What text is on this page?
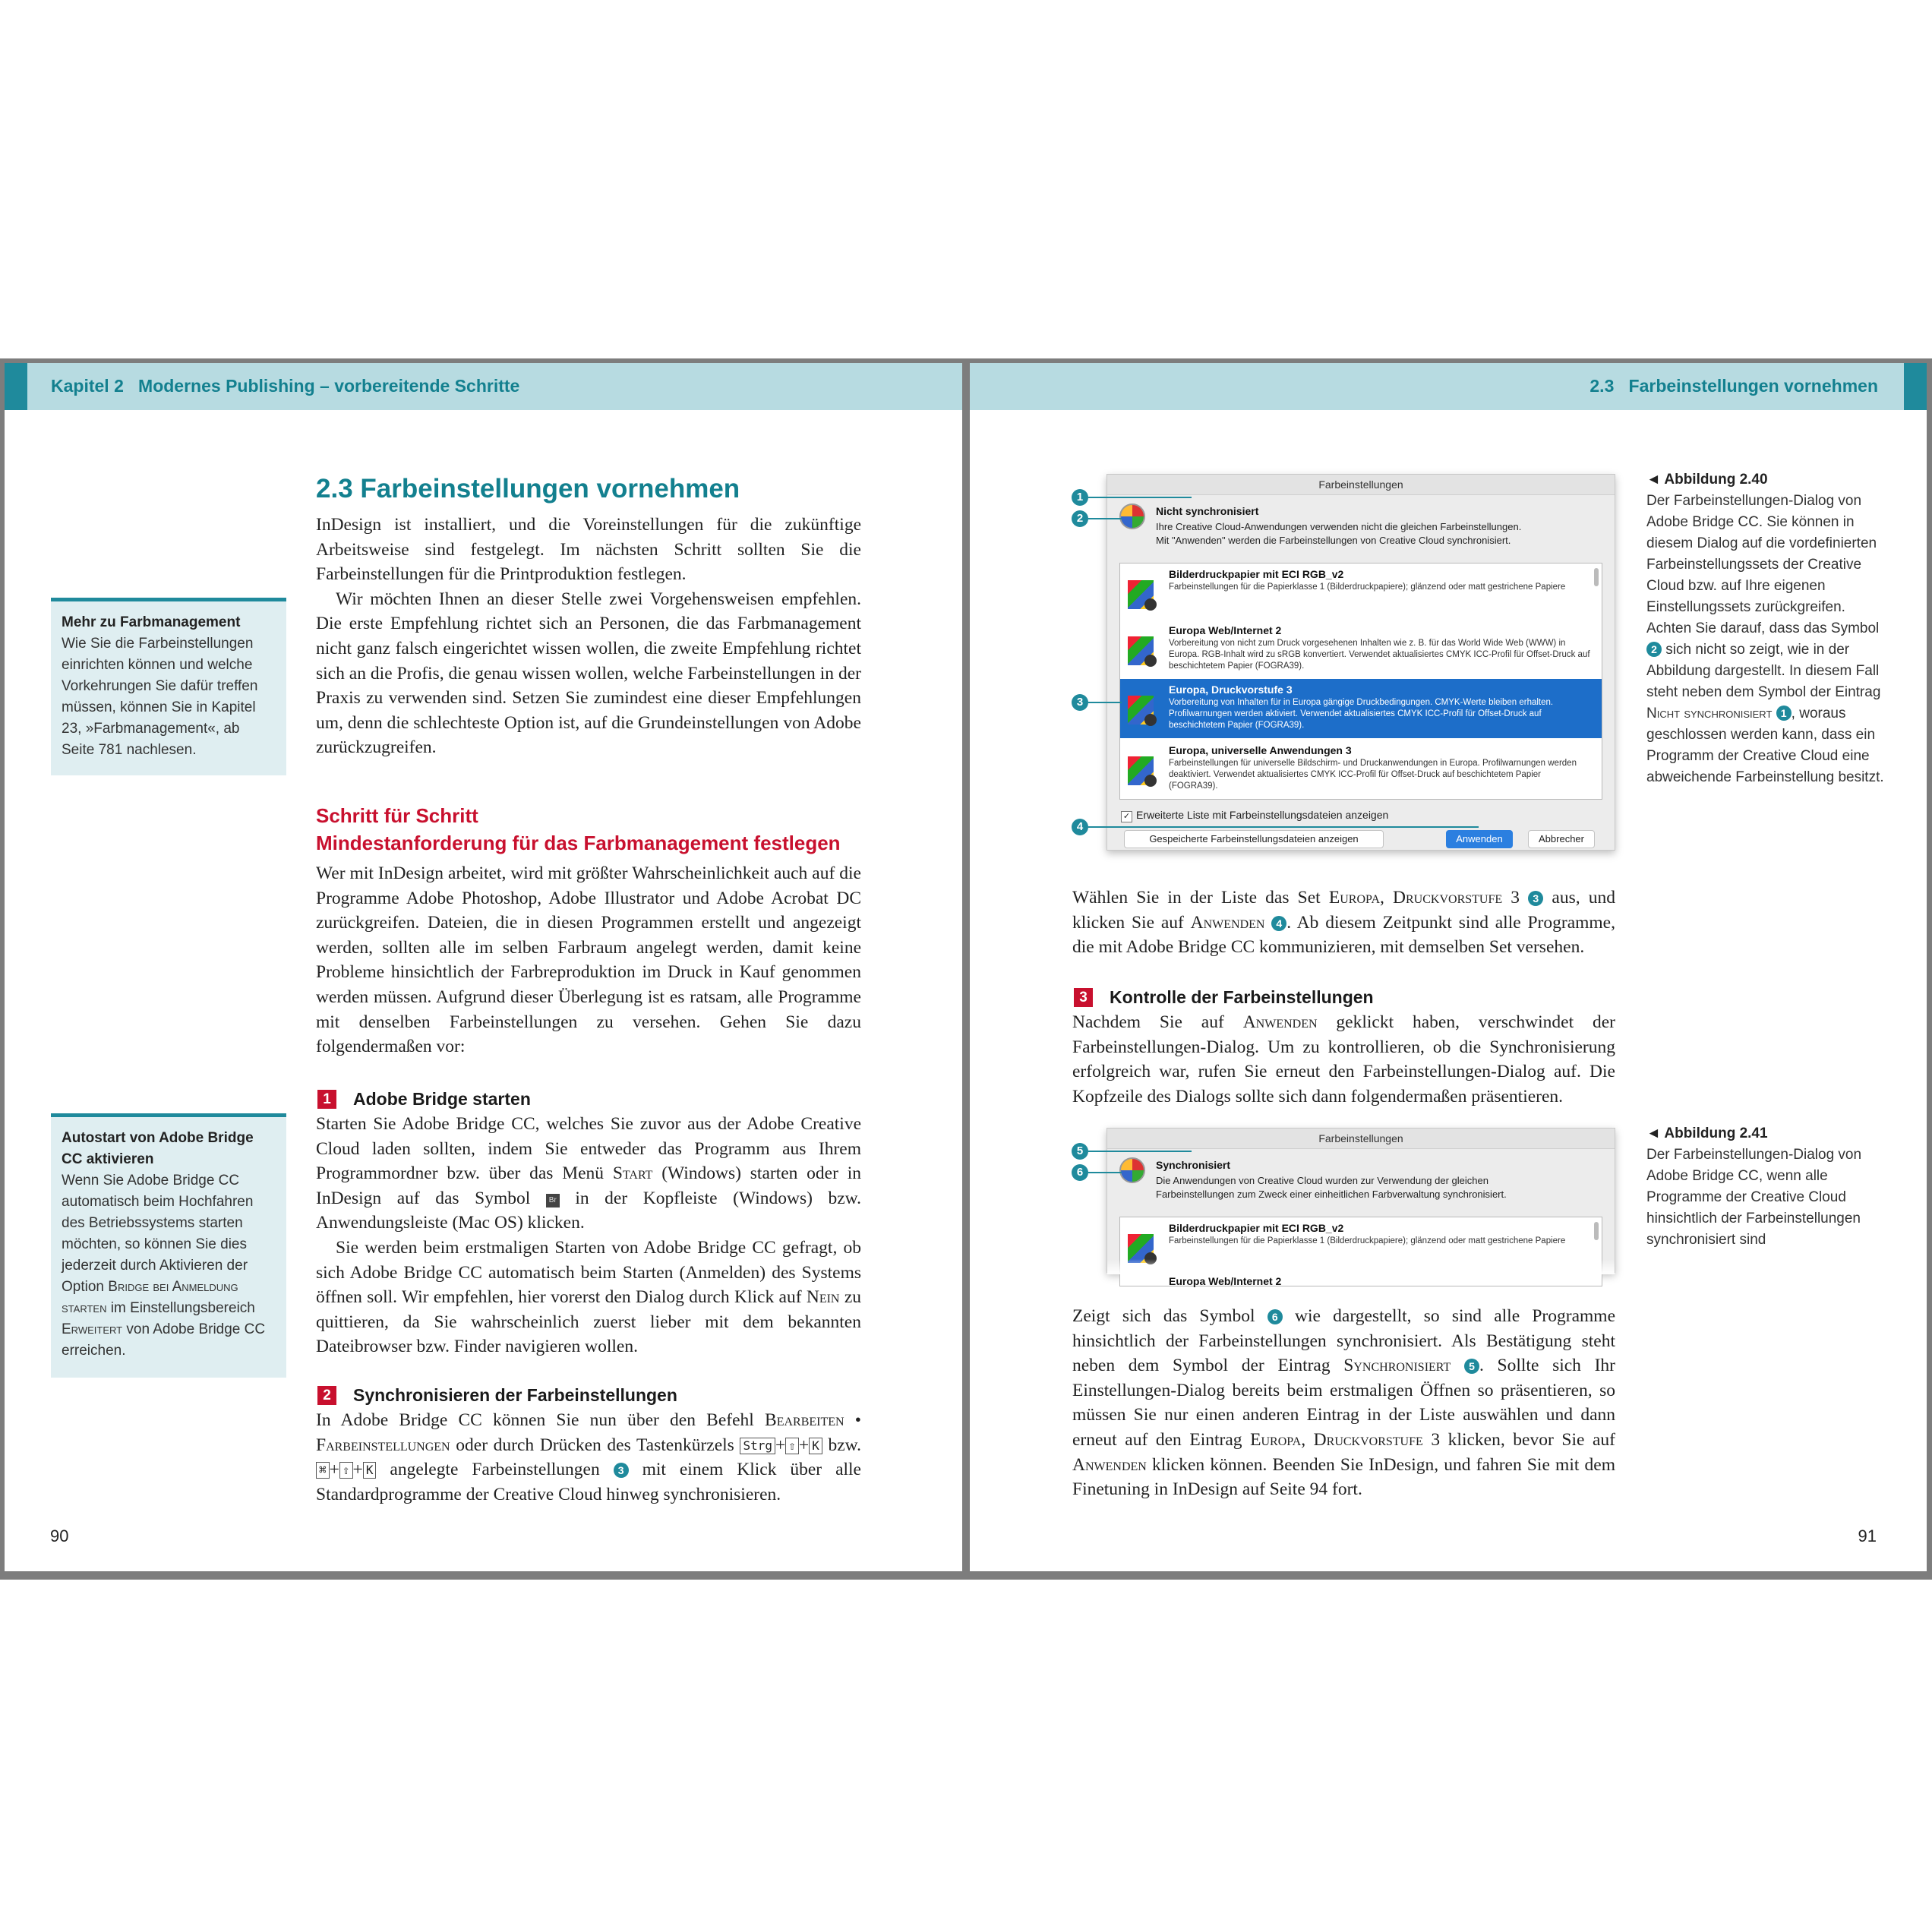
Kapitel 2 Modernes Publishing – vorbereitende Schritte
2.3 Farbeinstellungen vornehmen

InDesign ist installiert, und die Voreinstellungen für die zukünftige Arbeitsweise sind festgelegt. Im nächsten Schritt sollten Sie die Farbeinstellungen für die Printproduktion festlegen.

Wir möchten Ihnen an dieser Stelle zwei Vorgehensweisen empfehlen. Die erste Empfehlung richtet sich an Personen, die das Farbmanagement nicht ganz falsch eingerichtet wissen wollen, die zweite Empfehlung richtet sich an die Profis, die genau wissen wollen, welche Farbeinstellungen in der Praxis zu verwenden sind. Setzen Sie zumindest eine dieser Empfehlungen um, denn die schlechteste Option ist, auf die Grundeinstellungen von Adobe zurückzugreifen.

Schritt für Schritt
Mindestanforderung für das Farbmanagement festlegen

Wer mit InDesign arbeitet, wird mit größter Wahrscheinlichkeit auch auf die Programme Adobe Photoshop, Adobe Illustrator und Adobe Acrobat DC zurückgreifen. Dateien, die in diesen Programmen erstellt und angezeigt werden, sollten alle im selben Farbraum angelegt werden, damit keine Probleme hinsichtlich der Farbreproduktion im Druck in Kauf genommen werden müssen. Aufgrund dieser Überlegung ist es ratsam, alle Programme mit denselben Farbeinstellungen zu versehen. Gehen Sie dazu folgendermaßen vor:

1 Adobe Bridge starten

Starten Sie Adobe Bridge CC, welches Sie zuvor aus der Adobe Creative Cloud laden sollten, indem Sie entweder das Programm aus Ihrem Programmordner bzw. über das Menü Start (Windows) starten oder in InDesign auf das Symbol Br in der Kopfleiste (Windows) bzw. Anwendungsleiste (Mac OS) klicken.

Sie werden beim erstmaligen Starten von Adobe Bridge CC gefragt, ob sich Adobe Bridge CC automatisch beim Starten (Anmelden) des Systems öffnen soll. Wir empfehlen, hier vorerst den Dialog durch Klick auf Nein zu quittieren, da Sie wahrscheinlich zuerst lieber mit dem bekannten Dateibrowser bzw. Finder navigieren wollen.

2 Synchronisieren der Farbeinstellungen

In Adobe Bridge CC können Sie nun über den Befehl Bearbeiten • Farbeinstellungen oder durch Drücken des Tastenkürzels Strg + ⇧ + K bzw. ⌘ + ⇧ + K angelegte Farbeinstellungen 3 mit einem Klick über alle Standardprogramme der Creative Cloud hinweg synchronisieren.

Mehr zu Farbmanagement
Wie Sie die Farbeinstellungen einrichten können und welche Vorkehrungen Sie dafür treffen müssen, können Sie in Kapitel 23, »Farbmanagement«, ab Seite 781 nachlesen.
Autostart von Adobe Bridge CC aktivieren
Wenn Sie Adobe Bridge CC automatisch beim Hochfahren des Betriebssystems starten möchten, so können Sie dies jederzeit durch Aktivieren der Option Bridge bei Anmeldung starten im Einstellungsbereich Erweitert von Adobe Bridge CC erreichen.
90
2.3 Farbeinstellungen vornehmen
Farbeinstellungen
Nicht synchronisiert
Ihre Creative Cloud-Anwendungen verwenden nicht die gleichen Farbeinstellungen.
Mit "Anwenden" werden die Farbeinstellungen von Creative Cloud synchronisiert.
Bilderdruckpapier mit ECI RGB_v2
Farbeinstellungen für die Papierklasse 1 (Bilderdruckpapiere); glänzend oder matt gestrichene Papiere
Europa Web/Internet 2
Vorbereitung von nicht zum Druck vorgesehenen Inhalten wie z. B. für das World Wide Web (WWW) in Europa. RGB-Inhalt wird zu sRGB konvertiert. Verwendet aktualisiertes CMYK ICC-Profil für Offset-Druck auf beschichtetem Papier (FOGRA39).
Europa, Druckvorstufe 3
Vorbereitung von Inhalten für in Europa gängige Druckbedingungen. CMYK-Werte bleiben erhalten. Profilwarnungen werden aktiviert. Verwendet aktualisiertes CMYK ICC-Profil für Offset-Druck auf beschichtetem Papier (FOGRA39).
Europa, universelle Anwendungen 3
Farbeinstellungen für universelle Bildschirm- und Druckanwendungen in Europa. Profilwarnungen werden deaktiviert. Verwendet aktualisiertes CMYK ICC-Profil für Offset-Druck auf beschichtetem Papier (FOGRA39).
✓ Erweiterte Liste mit Farbeinstellungsdateien anzeigen
Gespeicherte Farbeinstellungsdateien anzeigen	Anwenden	Abbrecher
1
2
3
4
◄ Abbildung 2.40
Der Farbeinstellungen-Dialog von Adobe Bridge CC. Sie können in diesem Dialog auf die vordefinierten Farbeinstellungssets der Creative Cloud bzw. auf Ihre eigenen Einstellungssets zurückgreifen. Achten Sie darauf, dass das Symbol 2 sich nicht so zeigt, wie in der Abbildung dargestellt. In diesem Fall steht neben dem Symbol der Eintrag Nicht synchronisiert 1 , woraus geschlossen werden kann, dass ein Programm der Creative Cloud eine abweichende Farbeinstellung besitzt.

Wählen Sie in der Liste das Set Europa, Druckvorstufe 3 3 aus, und klicken Sie auf Anwenden 4 . Ab diesem Zeitpunkt sind alle Programme, die mit Adobe Bridge CC kommunizieren, mit demselben Set versehen.

3 Kontrolle der Farbeinstellungen

Nachdem Sie auf Anwenden geklickt haben, verschwindet der Farbeinstellungen-Dialog. Um zu kontrollieren, ob die Synchronisierung erfolgreich war, rufen Sie erneut den Farbeinstellungen-Dialog auf. Die Kopfzeile des Dialogs sollte sich dann folgendermaßen präsentieren.

Farbeinstellungen
Synchronisiert
Die Anwendungen von Creative Cloud wurden zur Verwendung der gleichen
Farbeinstellungen zum Zweck einer einheitlichen Farbverwaltung synchronisiert.
Bilderdruckpapier mit ECI RGB_v2
Farbeinstellungen für die Papierklasse 1 (Bilderdruckpapiere); glänzend oder matt gestrichene Papiere
Europa Web/Internet 2
5
6
◄ Abbildung 2.41
Der Farbeinstellungen-Dialog von Adobe Bridge CC, wenn alle Programme der Creative Cloud hinsichtlich der Farbeinstellungen synchronisiert sind

Zeigt sich das Symbol 6 wie dargestellt, so sind alle Programme hinsichtlich der Farbeinstellungen synchronisiert. Als Bestätigung steht neben dem Symbol der Eintrag Synchronisiert 5 . Sollte sich Ihr Einstellungen-Dialog bereits beim erstmaligen Öffnen so präsentieren, so müssen Sie nur einen anderen Eintrag in der Liste auswählen und dann erneut auf den Eintrag Europa, Druckvorstufe 3 klicken, bevor Sie auf Anwenden klicken können. Beenden Sie InDesign, und fahren Sie mit dem Finetuning in InDesign auf Seite 94 fort.

91
